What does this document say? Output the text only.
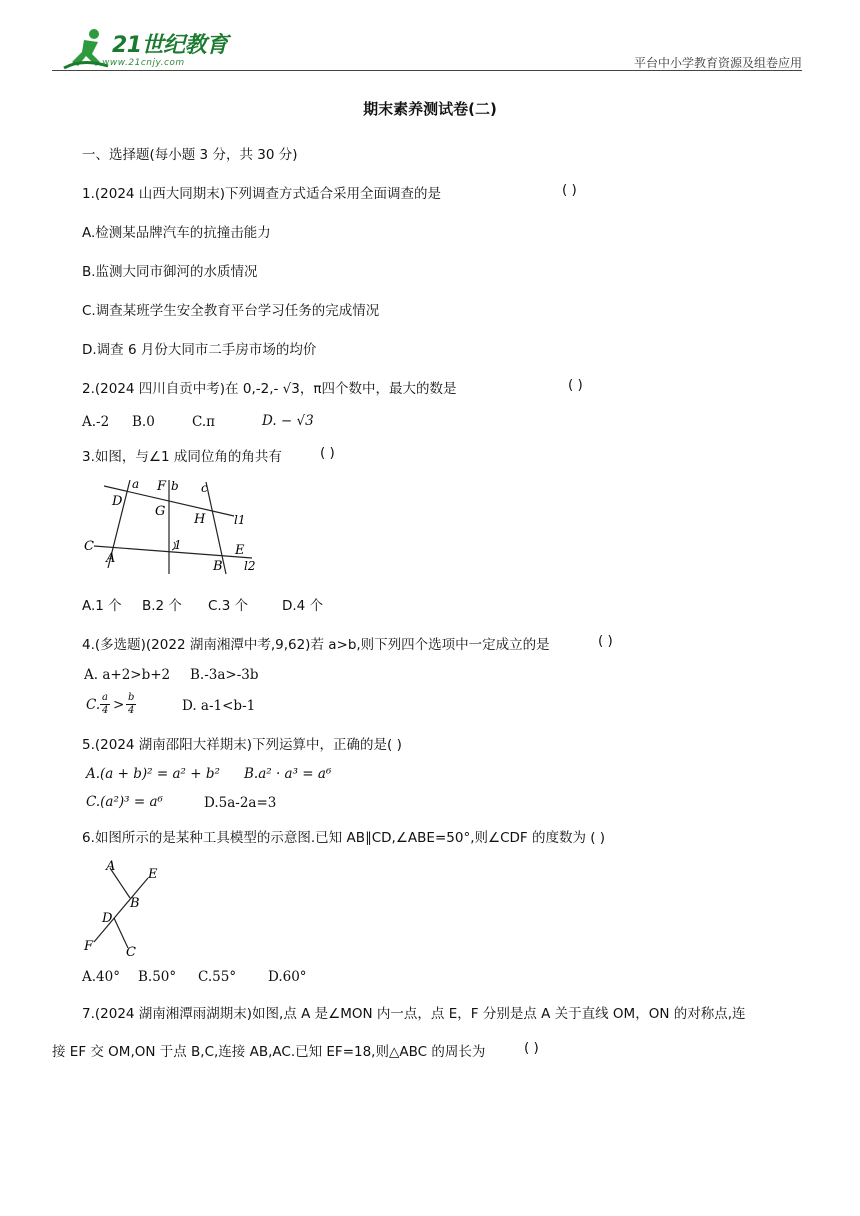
21世纪教育
www.21cnjy.com	平台中小学教育资源及组卷应用
期末素养测试卷(二)
一、选择题(每小题 3 分，共 30 分)
1.(2024 山西大同期末)下列调查方式适合采用全面调查的是	( )
A.检测某品牌汽车的抗撞击能力
B.监测大同市御河的水质情况
C.调查某班学生安全教育平台学习任务的完成情况
D.调查 6 月份大同市二手房市场的均价
2.(2024 四川自贡中考)在 0,-2,- √3，π四个数中，最大的数是	( )
A.-2 B.0	C.π	D. − √3
3.如图，与∠1 成同位角的角共有	( )
D
a F b c
G
H l1
C
A
1	E
B l2
A.1 个 B.2 个 C.3 个	D.4 个
4.(多选题)(2022 湖南湘潭中考,9,62)若 a>b,则下列四个选项中一定成立的是	( )
A. a+2>b+2 B.-3a>-3b
C. a
4 > b
4	D. a-1<b-1
5.(2024 湖南邵阳大祥期末)下列运算中，正确的是( )
A.(a + b)² = a² + b² B.a² · a³ = a⁶
C.(a²)³ = a⁶	D.5a-2a=3
6.如图所示的是某种工具模型的示意图.已知 AB∥CD,∠ABE=50°,则∠CDF 的度数为 ( )
A
E
B
D
F	C
A.40° B.50° C.55° D.60°
7.(2024 湖南湘潭雨湖期末)如图,点 A 是∠MON 内一点，点 E，F 分别是点 A 关于直线 OM，ON 的对称点,连
接 EF 交 OM,ON 于点 B,C,连接 AB,AC.已知 EF=18,则△ABC 的周长为	( )
